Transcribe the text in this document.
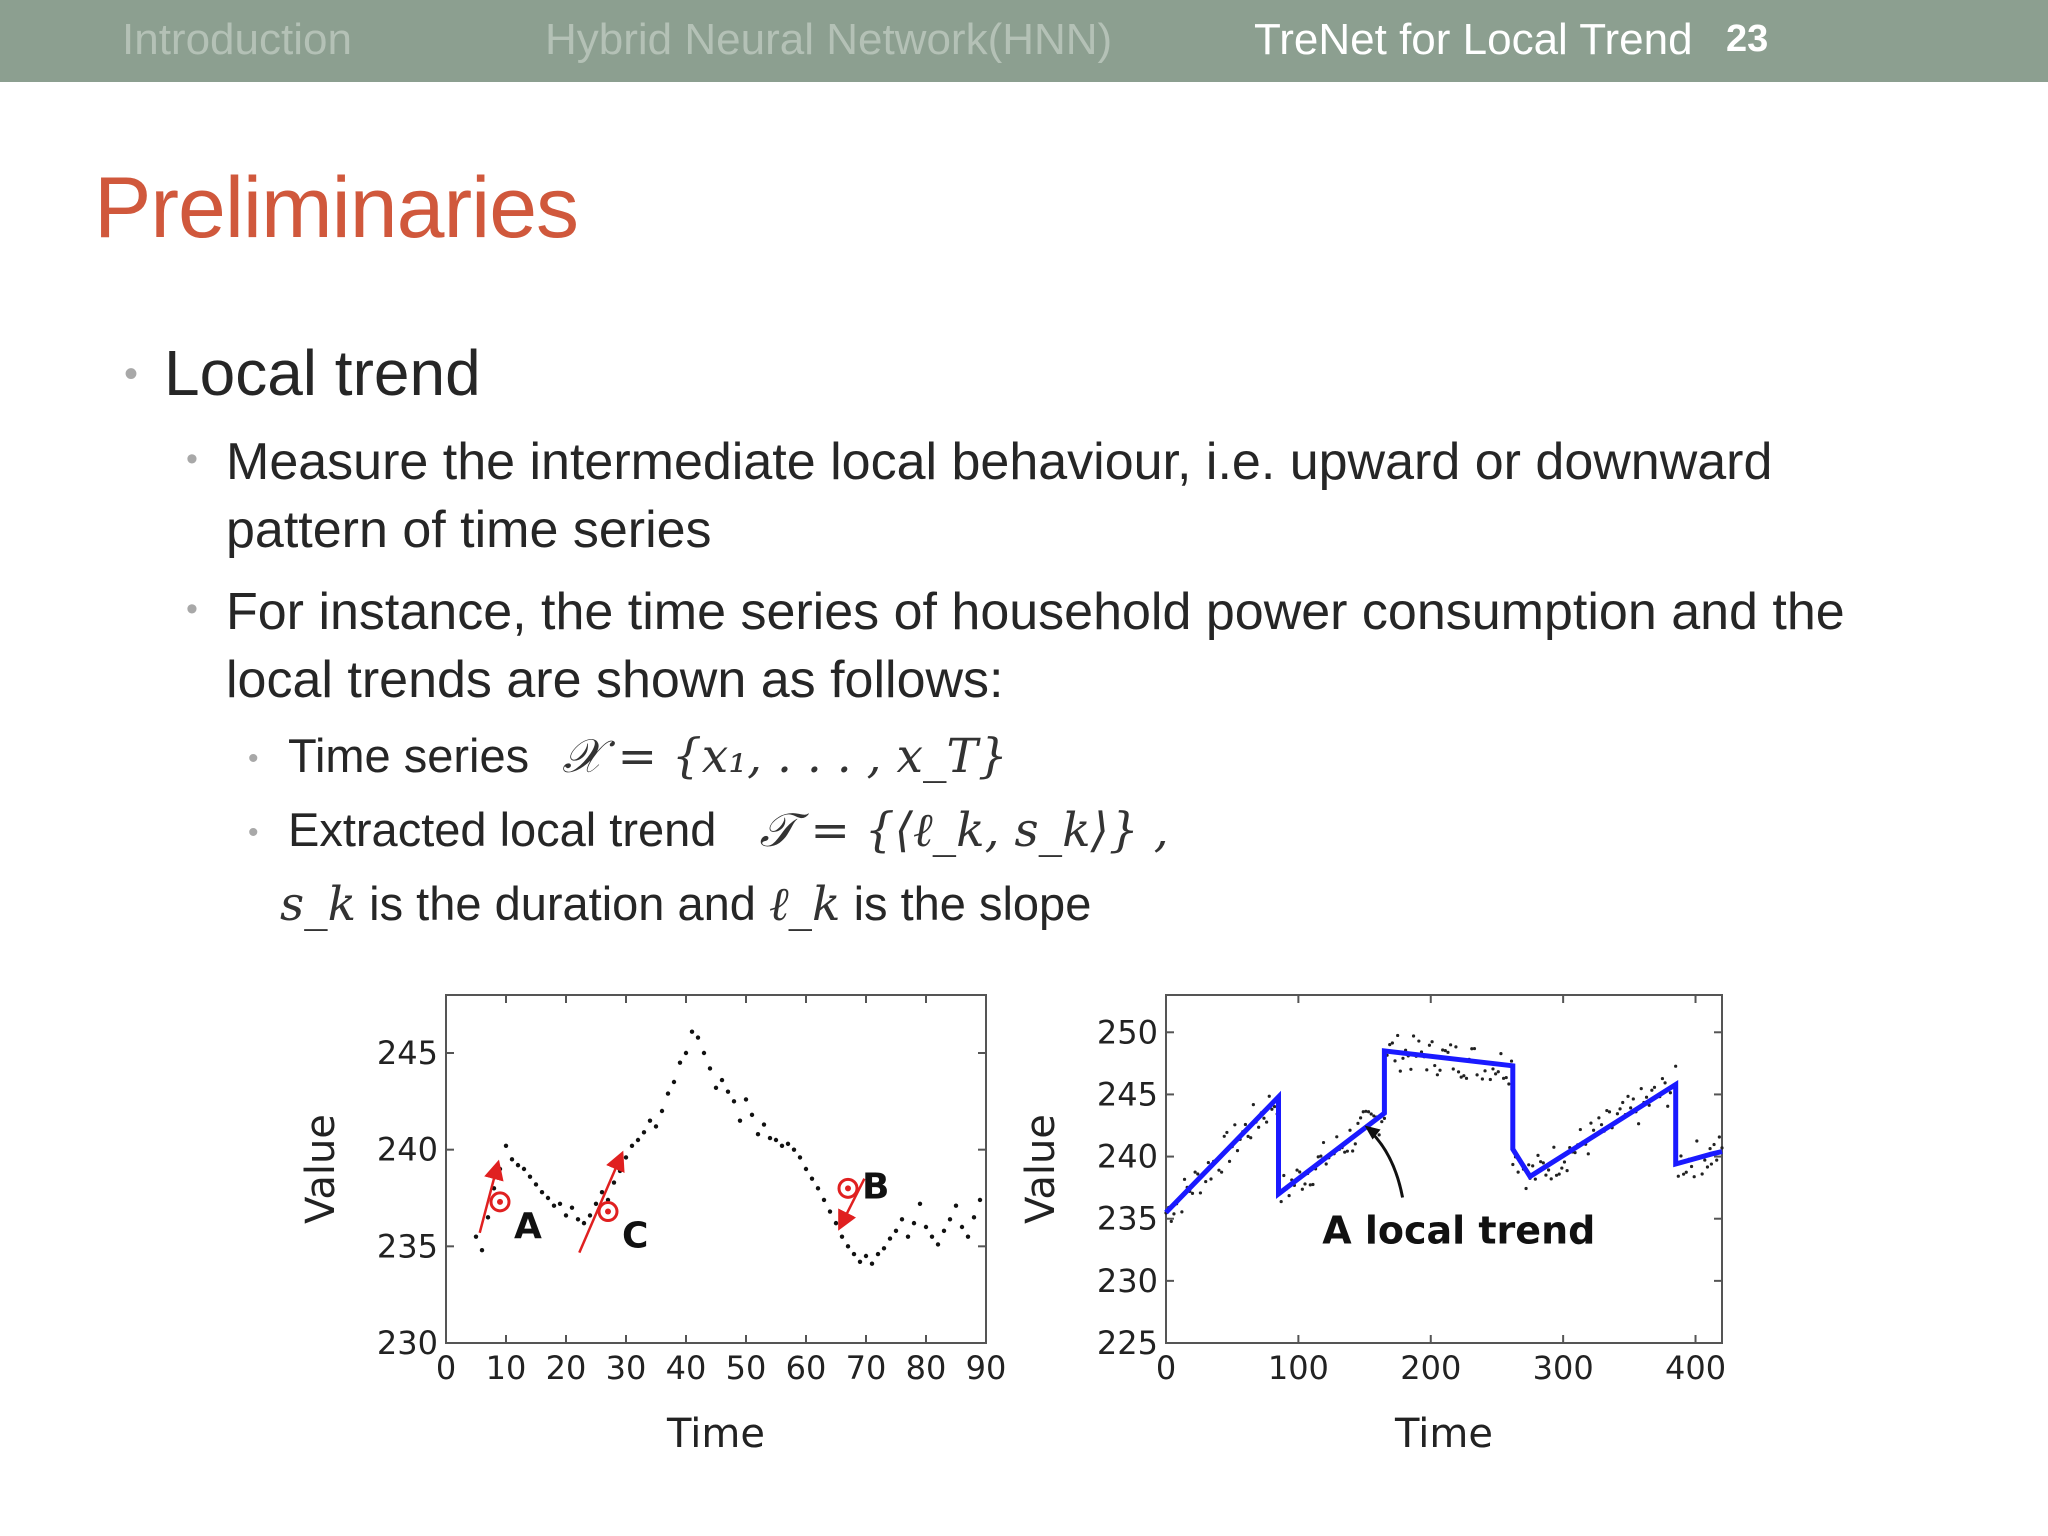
Introduction	Hybrid Neural Network(HNN)	TreNet for Local Trend 23
Preliminaries
• Local trend
• Measure the intermediate local behaviour, i.e. upward or downward pattern of time series
• For instance, the time series of household power consumption and the local trends are shown as follows:
• Time series 𝒳 = {x₁, . . . , x_T}
• Extracted local trend 𝒯 = {⟨ℓ_k, s_k⟩} ,
s_k is the duration and ℓ_k is the slope
0 10 20 30 40 50 60 70 80 90
230
235
240
245
Time
Value
A C
B
0	100 200 300 400
225
230
235
240
245
250
Time
Value
A local trend
